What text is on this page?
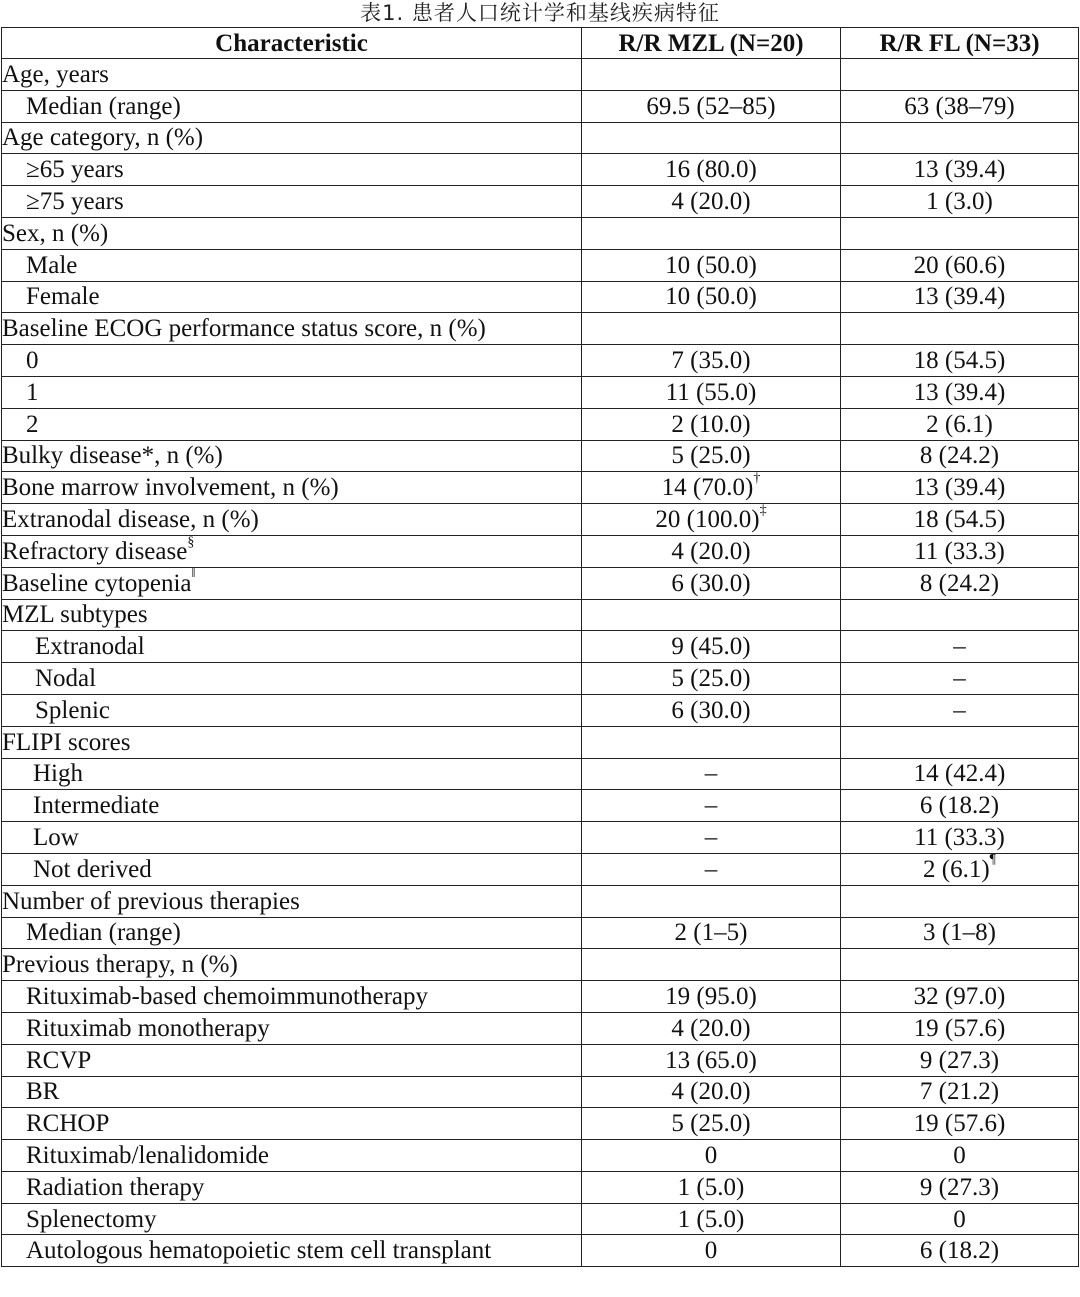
表1. 患者人口统计学和基线疾病特征
Characteristic	R/R MZL (N=20)	R/R FL (N=33)
Age, years		
Median (range)	69.5 (52–85)	63 (38–79)
Age category, n (%)		
≥65 years	16 (80.0)	13 (39.4)
≥75 years	4 (20.0)	1 (3.0)
Sex, n (%)		
Male	10 (50.0)	20 (60.6)
Female	10 (50.0)	13 (39.4)
Baseline ECOG performance status score, n (%)		
0	7 (35.0)	18 (54.5)
1	11 (55.0)	13 (39.4)
2	2 (10.0)	2 (6.1)
Bulky disease*, n (%)	5 (25.0)	8 (24.2)
Bone marrow involvement, n (%)	14 (70.0)†	13 (39.4)
Extranodal disease, n (%)	20 (100.0)‡	18 (54.5)
Refractory disease§	4 (20.0)	11 (33.3)
Baseline cytopenia‖	6 (30.0)	8 (24.2)
MZL subtypes		
Extranodal	9 (45.0)	–
Nodal	5 (25.0)	–
Splenic	6 (30.0)	–
FLIPI scores		
High	–	14 (42.4)
Intermediate	–	6 (18.2)
Low	–	11 (33.3)
Not derived	–	2 (6.1)¶
Number of previous therapies		
Median (range)	2 (1–5)	3 (1–8)
Previous therapy, n (%)		
Rituximab-based chemoimmunotherapy	19 (95.0)	32 (97.0)
Rituximab monotherapy	4 (20.0)	19 (57.6)
RCVP	13 (65.0)	9 (27.3)
BR	4 (20.0)	7 (21.2)
RCHOP	5 (25.0)	19 (57.6)
Rituximab/lenalidomide	0	0
Radiation therapy	1 (5.0)	9 (27.3)
Splenectomy	1 (5.0)	0
Autologous hematopoietic stem cell transplant	0	6 (18.2)
